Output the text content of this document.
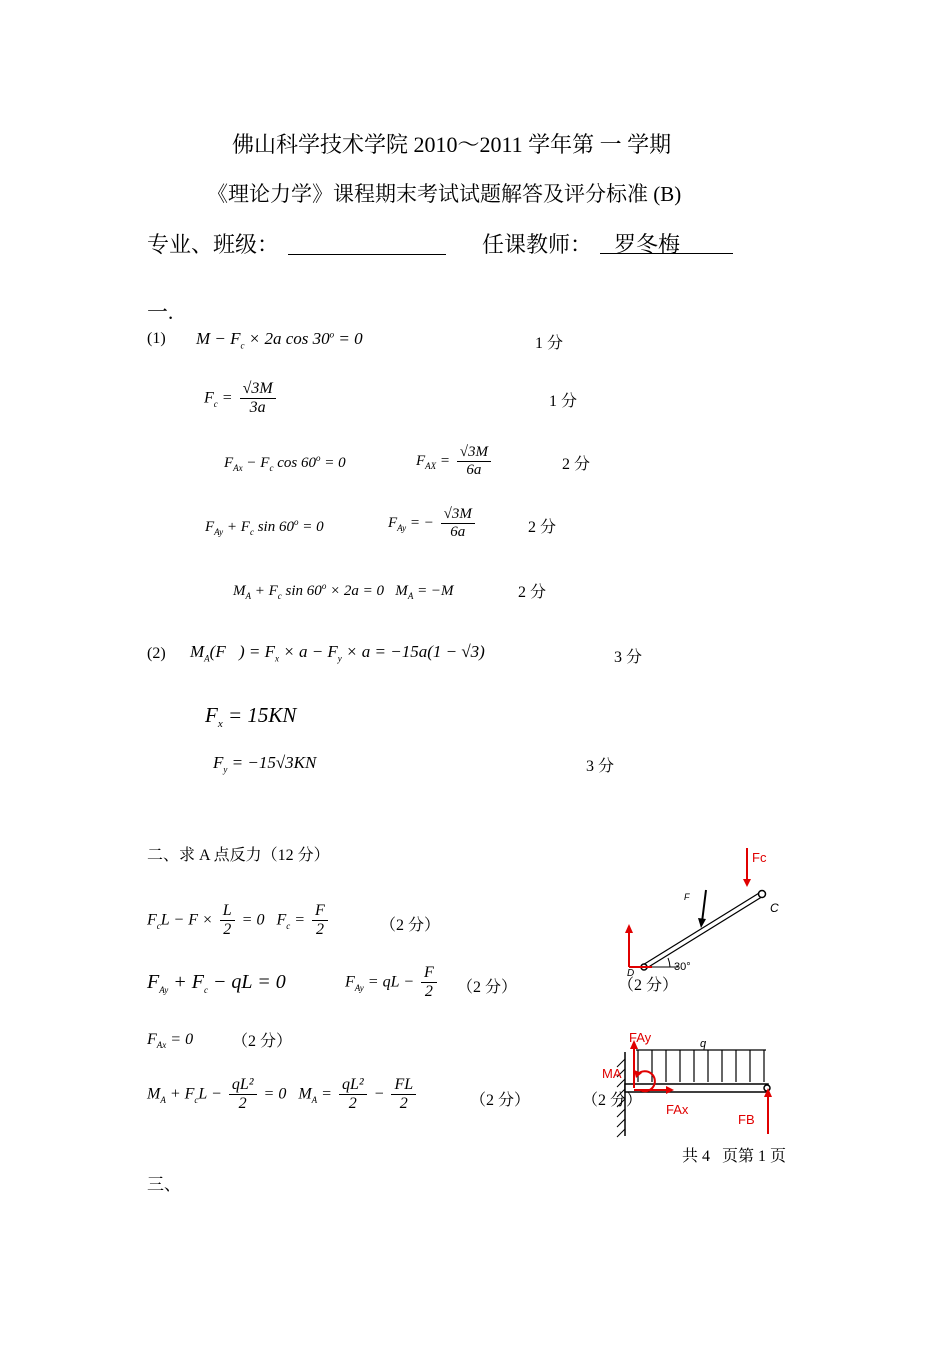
佛山科学技术学院 2010～2011 学年第 一 学期
《理论力学》课程期末考试试题解答及评分标准 (B)
专业、班级：	任课教师： 罗冬梅
一.
(1) $M - F_c \times 2a$ $\cos 30^o = 0$	1 分
$F_c = \frac{√3M}{3a}$	1 分
$F_{Ax} - F_c$ $\cos 60^o = 0$	$F_{AX} = \frac{√3M}{6a}$	2 分
$F_{Ay} + F_c$ $\sin 60^o = 0$	$F_{Ay}$ = − $\frac{√3M}{6a}$	2 分
$M_A + F_c$ $\sin 60^o \times 2a = 0$   $M_A = -M$	2 分
(2) $M_A(F⃗) = F_x \times a - F_y \times a = -15a(1 - √3)$	3 分
$F_x = 15KN$
$F_y = -15√3KN$	3 分
二、求 A 点反力（12 分）
$F_cL - F \times \frac{L}{2} = 0$   $F_c = \frac{F}{2}$	（2 分）
$F_{Ay} + F_c$ − qL = 0	$F_{Ay}$ = qL − $\frac{F}{2} (2$ 分）
$F_{Ax} = 0$ （2 分）
$M_A + F_cL - \frac{\text{qL²}}{2} = 0$   $M_A = \frac{\text{qL²}}{2} - \frac{FL}{2}$	（2 分）
F
C
D
30°
Fc
（2 分）
q
FAy
MA
FAx
FB
（2 分）
共 4   页第 1 页
三、
